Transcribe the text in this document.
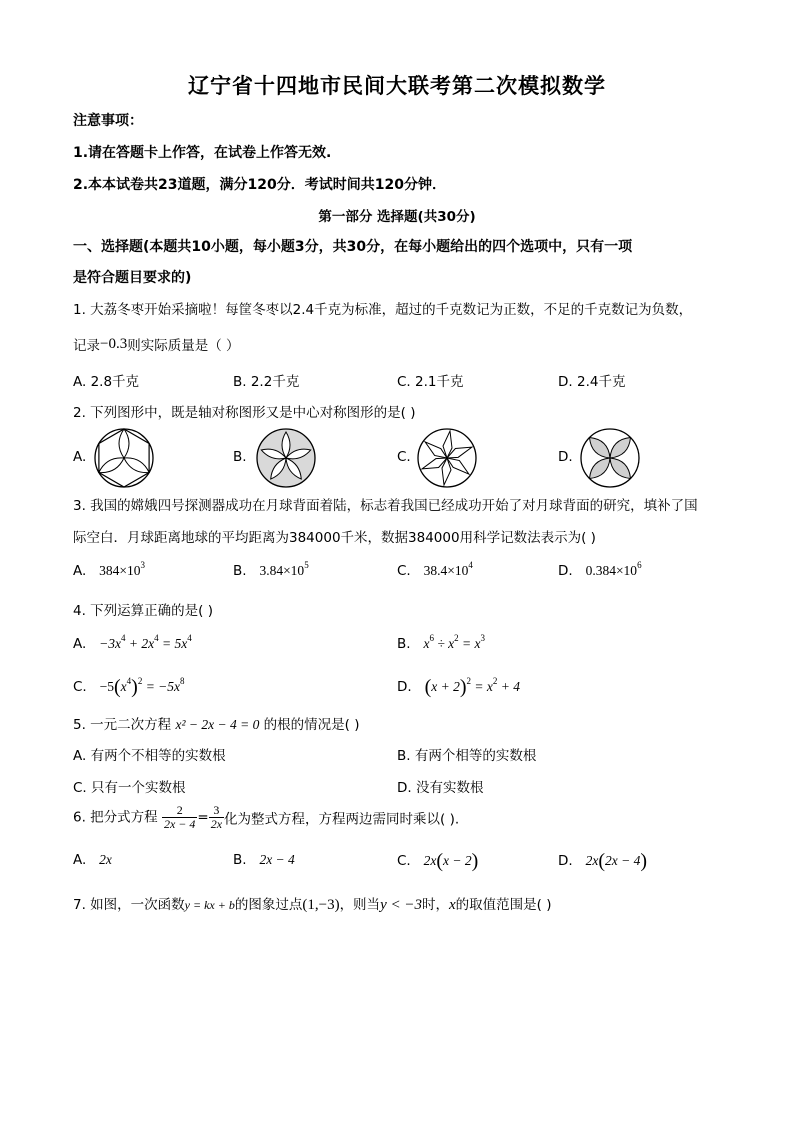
辽宁省十四地市民间大联考第二次模拟数学
注意事项：
1.请在答题卡上作答，在试卷上作答无效.
2.本本试卷共23道题，满分120分．考试时间共120分钟．
第一部分 选择题(共30分)
一、选择题(本题共10小题，每小题3分，共30分，在每小题给出的四个选项中，只有一项
是符合题目要求的)
1. 大荔冬枣开始采摘啦！每筐冬枣以2.4千克为标准，超过的千克数记为正数，不足的千克数记为负数，
记录−0.3则实际质量是（ ）
A. 2.8千克	B. 2.2千克	C. 2.1千克	D. 2.4千克
2. 下列图形中，既是轴对称图形又是中心对称图形的是( )
A.	B.	C.	D.
3. 我国的嫦娥四号探测器成功在月球背面着陆，标志着我国已经成功开始了对月球背面的研究，填补了国
际空白．月球距离地球的平均距离为384000千米，数据384000用科学记数法表示为( )
A. $384\times 10^3$	B. $3.84\times 10^5$	C. $38.4\times 10^4$	D. $0.384\times 10^6$
4. 下列运算正确的是( )
A. $-3x^4 + 2x^4 = 5x^4$	B. $x^6 \div x^2 = x^3$
C. $-5(x^4)^2 = -5x^8$	D. $(x + 2)^2 = x^2 + 4$
5. 一元二次方程 x² − 2x − 4 = 0 的根的情况是( )
A. 有两个不相等的实数根	B. 有两个相等的实数根
C. 只有一个实数根	D. 没有实数根
6. 把分式方程 $\frac{2}{2x - 4} = \frac{3}{2x}$ 化为整式方程，方程两边需同时乘以( ).
A. 2x	B. 2x − 4	C. 2x(x − 2)	D. 2x(2x − 4)
7. 如图，一次函数y = kx + b的图象过点(1,−3)，则当y < −3时，x的取值范围是( )
